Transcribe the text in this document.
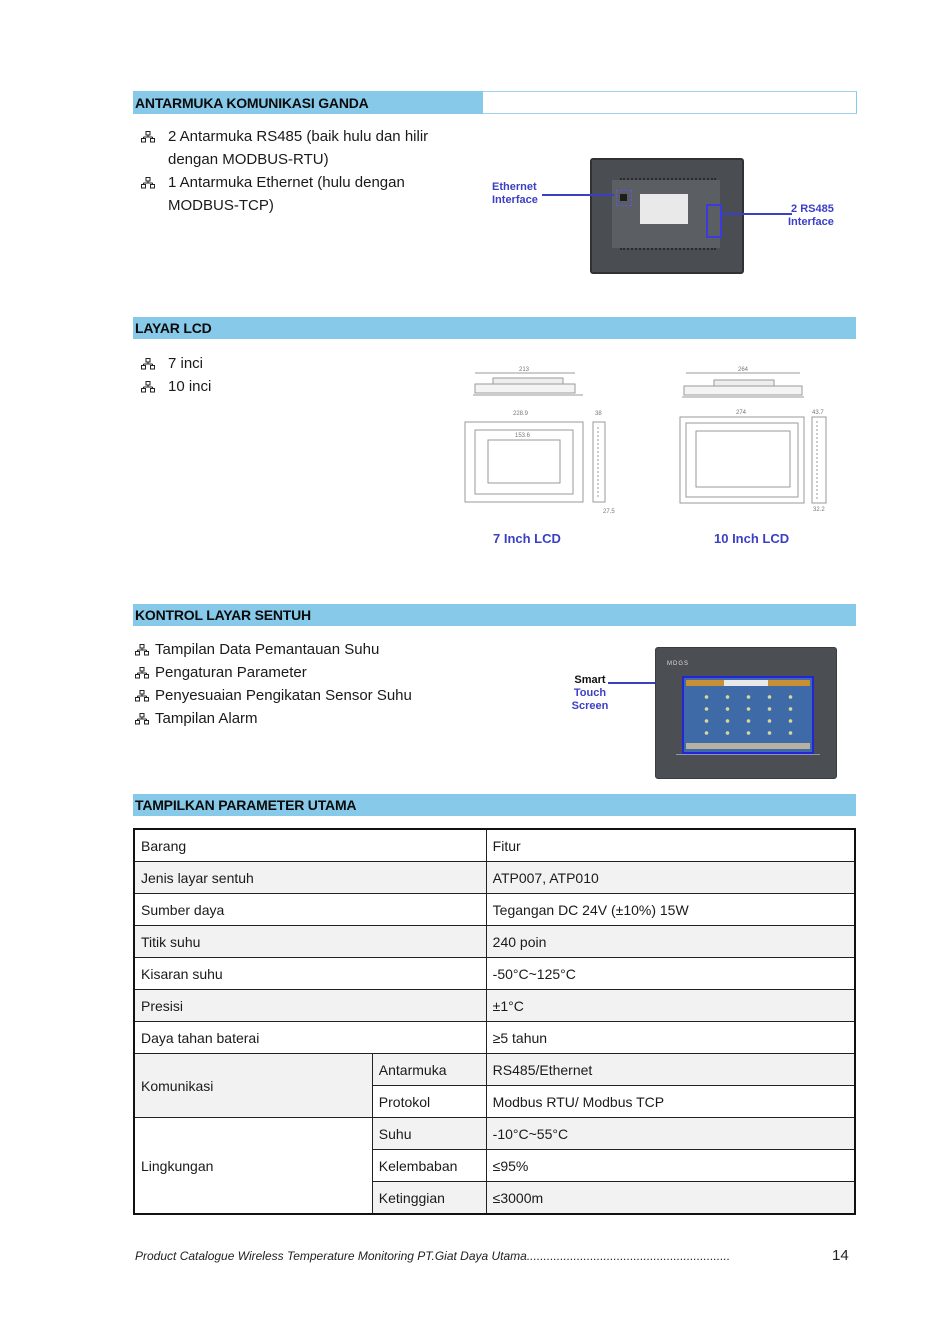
ANTARMUKA KOMUNIKASI GANDA
2 Antarmuka RS485 (baik hulu dan hilir
dengan MODBUS-RTU)
1 Antarmuka Ethernet (hulu dengan
MODBUS-TCP)
Ethernet
Interface
2 RS485
Interface
LAYAR LCD
7 inci
10 inci
213
228.9
153.6
38
27.5
7 Inch LCD
264
274	43.7
32.2
10 Inch LCD
KONTROL LAYAR SENTUH
Tampilan Data Pemantauan Suhu
Pengaturan Parameter
Penyesuaian Pengikatan Sensor Suhu
Tampilan Alarm
Smart
Touch Screen
MDGS
TAMPILKAN PARAMETER UTAMA
Barang		Fitur
Jenis layar sentuh		ATP007, ATP010
Sumber daya		Tegangan DC 24V (±10%) 15W
Titik suhu		240 poin
Kisaran suhu		-50°C~125°C
Presisi		±1°C
Daya tahan baterai		≥5 tahun
Komunikasi	Antarmuka	RS485/Ethernet
	Protokol	Modbus RTU/ Modbus TCP
Lingkungan	Suhu	-10°C~55°C
	Kelembaban	≤95%
	Ketinggian	≤3000m
Product Catalogue Wireless Temperature Monitoring PT.Giat Daya Utama.............................................................	14
